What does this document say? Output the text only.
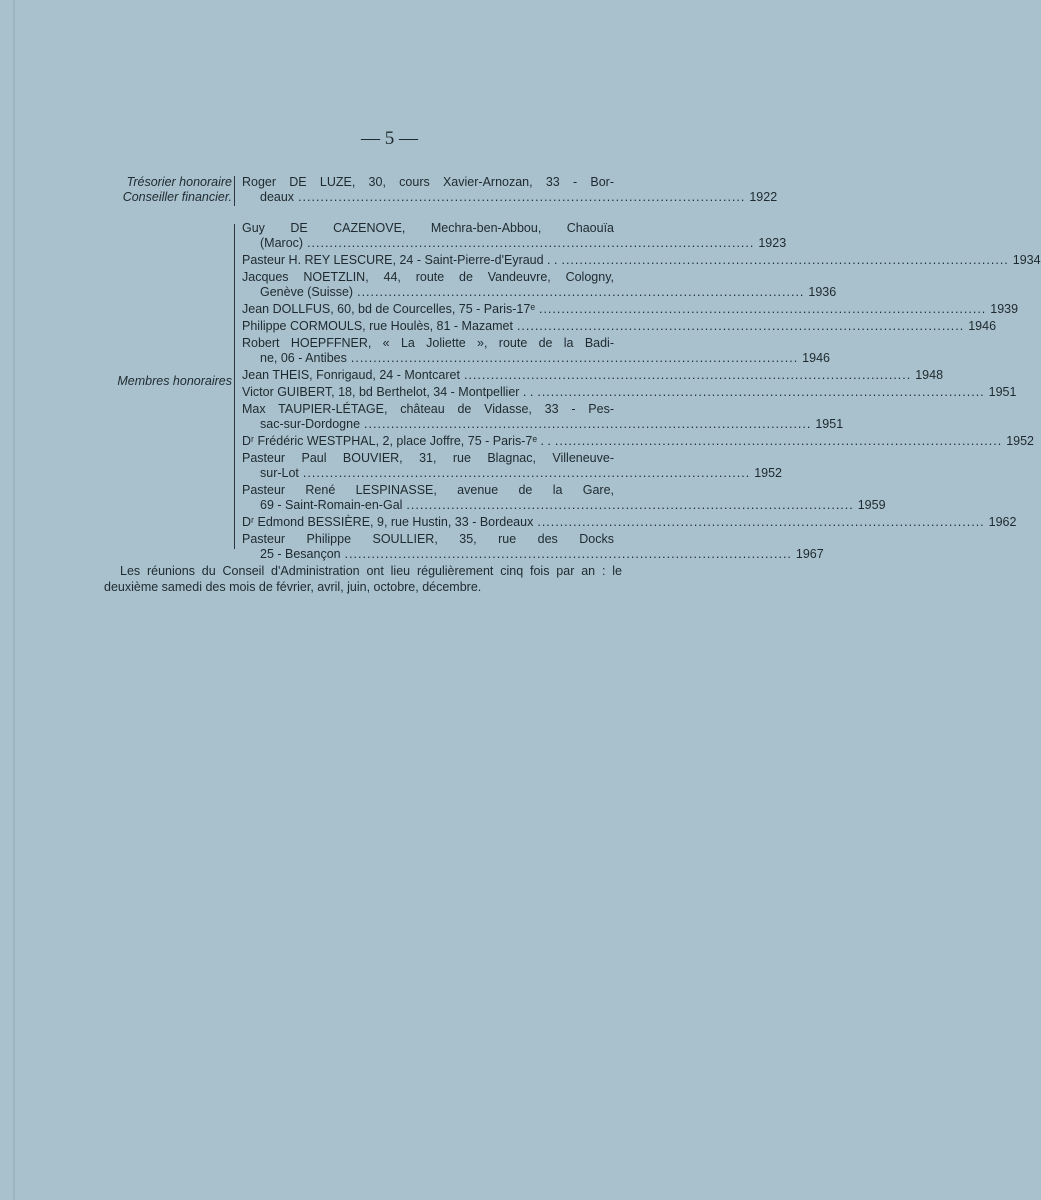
— 5 —
Trésorier honoraire
Conseiller financier.
Roger DE LUZE, 30, cours Xavier-Arnozan, 33 - Bor-
deaux .................................................................................................... 1922
Membres honoraires
Guy DE CAZENOVE, Mechra-ben-Abbou, Chaouïa
(Maroc) .................................................................................................... 1923
Pasteur H. REY LESCURE, 24 - Saint-Pierre-d'Eyraud . . .................................................................................................... 1934
Jacques NOETZLIN, 44, route de Vandeuvre, Cologny,
Genève (Suisse) .................................................................................................... 1936
Jean DOLLFUS, 60, bd de Courcelles, 75 - Paris-17ᵉ .................................................................................................... 1939
Philippe CORMOULS, rue Houlès, 81 - Mazamet .................................................................................................... 1946
Robert HOEPFFNER, « La Joliette », route de la Badi-
ne, 06 - Antibes .................................................................................................... 1946
Jean THEIS, Fonrigaud, 24 - Montcaret .................................................................................................... 1948
Victor GUIBERT, 18, bd Berthelot, 34 - Montpellier . . .................................................................................................... 1951
Max TAUPIER-LÉTAGE, château de Vidasse, 33 - Pes-
sac-sur-Dordogne .................................................................................................... 1951
Dʳ Frédéric WESTPHAL, 2, place Joffre, 75 - Paris-7ᵉ . . .................................................................................................... 1952
Pasteur Paul BOUVIER, 31, rue Blagnac, Villeneuve-
sur-Lot .................................................................................................... 1952
Pasteur René LESPINASSE, avenue de la Gare,
69 - Saint-Romain-en-Gal .................................................................................................... 1959
Dʳ Edmond BESSIÈRE, 9, rue Hustin, 33 - Bordeaux .................................................................................................... 1962
Pasteur Philippe SOULLIER, 35, rue des Docks
25 - Besançon .................................................................................................... 1967
Les réunions du Conseil d'Administration ont lieu régulièrement cinq fois par an : le deuxième samedi des mois de février, avril, juin, octobre, décembre.
